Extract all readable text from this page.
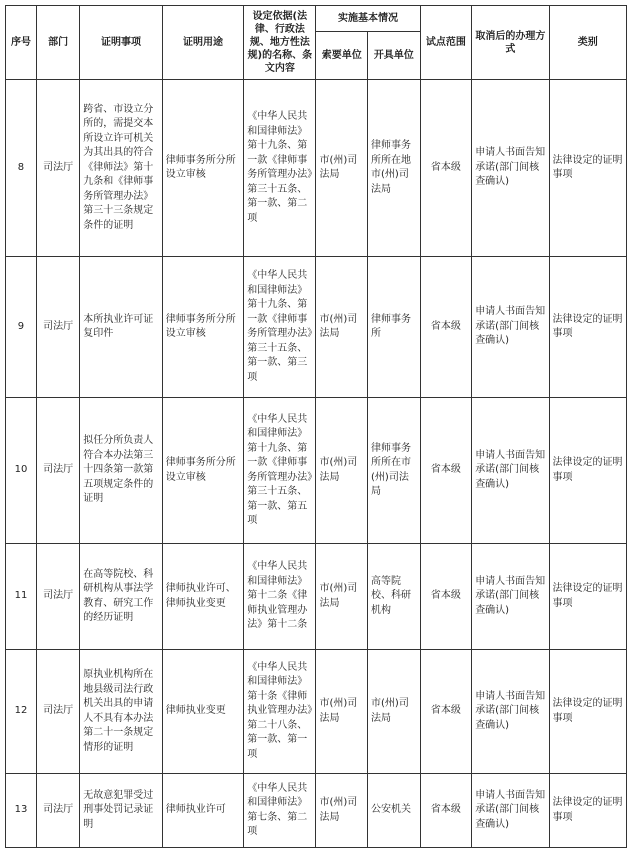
序号	部门	证明事项	证明用途	设定依据(法律、行政法规、地方性法规)的名称、条文内容	实施基本情况		试点范围	取消后的办理方式	类别
					索要单位	开具单位			
8	司法厅	跨省、市设立分所的，需提交本所设立许可机关为其出具的符合《律师法》第十九条和《律师事务所管理办法》第三十三条规定条件的证明	律师事务所分所设立审核	《中华人民共和国律师法》第十九条、第一款《律师事务所管理办法》第三十五条、第一款、第二项	市(州)司法局	律师事务所所在地市(州)司法局	省本级	申请人书面告知承诺(部门间核查确认)	法律设定的证明事项
9	司法厅	本所执业许可证复印件	律师事务所分所设立审核	《中华人民共和国律师法》第十九条、第一款《律师事务所管理办法》第三十五条、第一款、第三项	市(州)司法局	律师事务所	省本级	申请人书面告知承诺(部门间核查确认)	法律设定的证明事项
10	司法厅	拟任分所负责人符合本办法第三十四条第一款第五项规定条件的证明	律师事务所分所设立审核	《中华人民共和国律师法》第十九条、第一款《律师事务所管理办法》第三十五条、第一款、第五项	市(州)司法局	律师事务所所在市(州)司法局	省本级	申请人书面告知承诺(部门间核查确认)	法律设定的证明事项
11	司法厅	在高等院校、科研机构从事法学教育、研究工作的经历证明	律师执业许可、律师执业变更	《中华人民共和国律师法》第十二条《律师执业管理办法》第十二条	市(州)司法局	高等院校、科研机构	省本级	申请人书面告知承诺(部门间核查确认)	法律设定的证明事项
12	司法厅	原执业机构所在地县级司法行政机关出具的申请人不具有本办法第二十一条规定情形的证明	律师执业变更	《中华人民共和国律师法》第十条《律师执业管理办法》第二十八条、第一款、第一项	市(州)司法局	市(州)司法局	省本级	申请人书面告知承诺(部门间核查确认)	法律设定的证明事项
13	司法厅	无故意犯罪受过刑事处罚记录证明	律师执业许可	《中华人民共和国律师法》第七条、第二项	市(州)司法局	公安机关	省本级	申请人书面告知承诺(部门间核查确认)	法律设定的证明事项
